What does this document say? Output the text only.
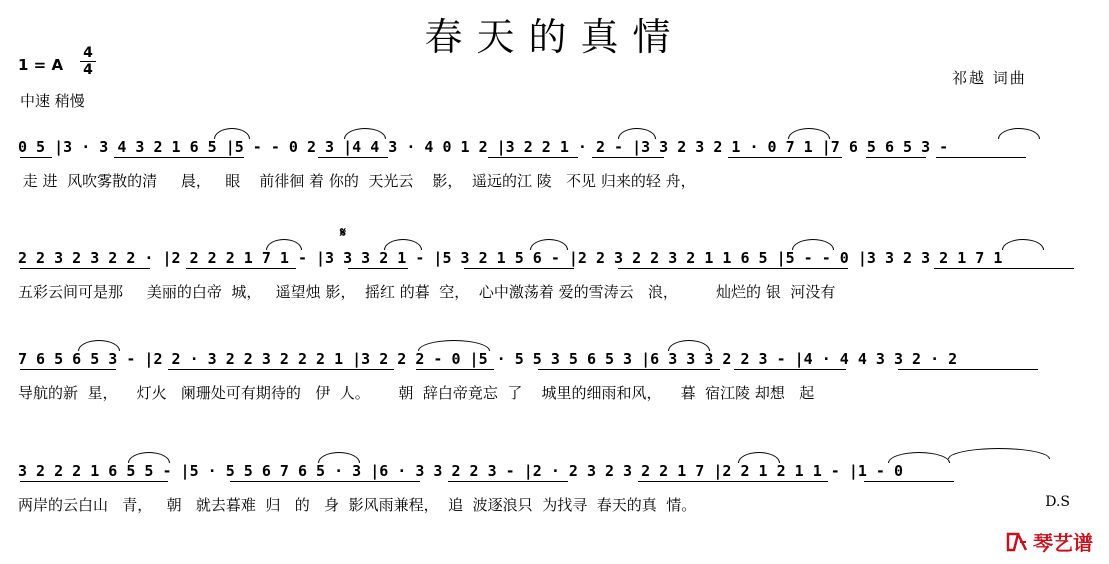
春天的真情
1 = A
4
4
中速 稍慢
祁越 词曲
0 5 |3 · 3 4 3 2 1 6 5 |5 - - 0 2 3 |4 4 3 · 4 0 1 2 |3 2 2 1 · 2 - |3 3 2 3 2 1 · 0 7 1 |7 6 5 6 5 3 -
走 进  风吹雾散的清     晨，   眼    前徘徊 着 你的  天光云    影，  遥远的江 陵   不见 归来的轻 舟，
2 2 3 2 3 2 2 · |2 2 2 2 1 7 1 - |3 3 3 2 1 - |5 3 2 1 5 6 - |2 2 3 2 2 3 2 1 1 6 5 |5 - - 0 |3 3 2 3 2 1 7 1
𝄋
五彩云间可是那     美丽的白帝  城，   遥望烛 影，  摇红 的暮  空，  心中激荡着 爱的雪涛云   浪，        灿烂的 银  河没有
7 6 5 6 5 3 - |2 2 · 3 2 2 3 2 2 2 1 |3 2 2 2 - 0 |5 · 5 5 3 5 6 5 3 |6 3 3 3 2 2 3 - |4 · 4 4 3 3 2 · 2
导航的新  星，    灯火   阑珊处可有期待的   伊  人。      朝  辞白帝竟忘  了    城里的细雨和风，    暮  宿江陵 却想   起
3 2 2 2 1 6 5 5 - |5 · 5 5 6 7 6 5 · 3 |6 · 3 3 2 2 3 - |2 · 2 3 2 3 2 2 1 7 |2 2 1 2 1 1 - |1 - 0
两岸的云白山   青，   朝   就去暮难  归   的   身  影风雨兼程，  追  波逐浪只  为找寻  春天的真  情。	D.S
琴艺谱
